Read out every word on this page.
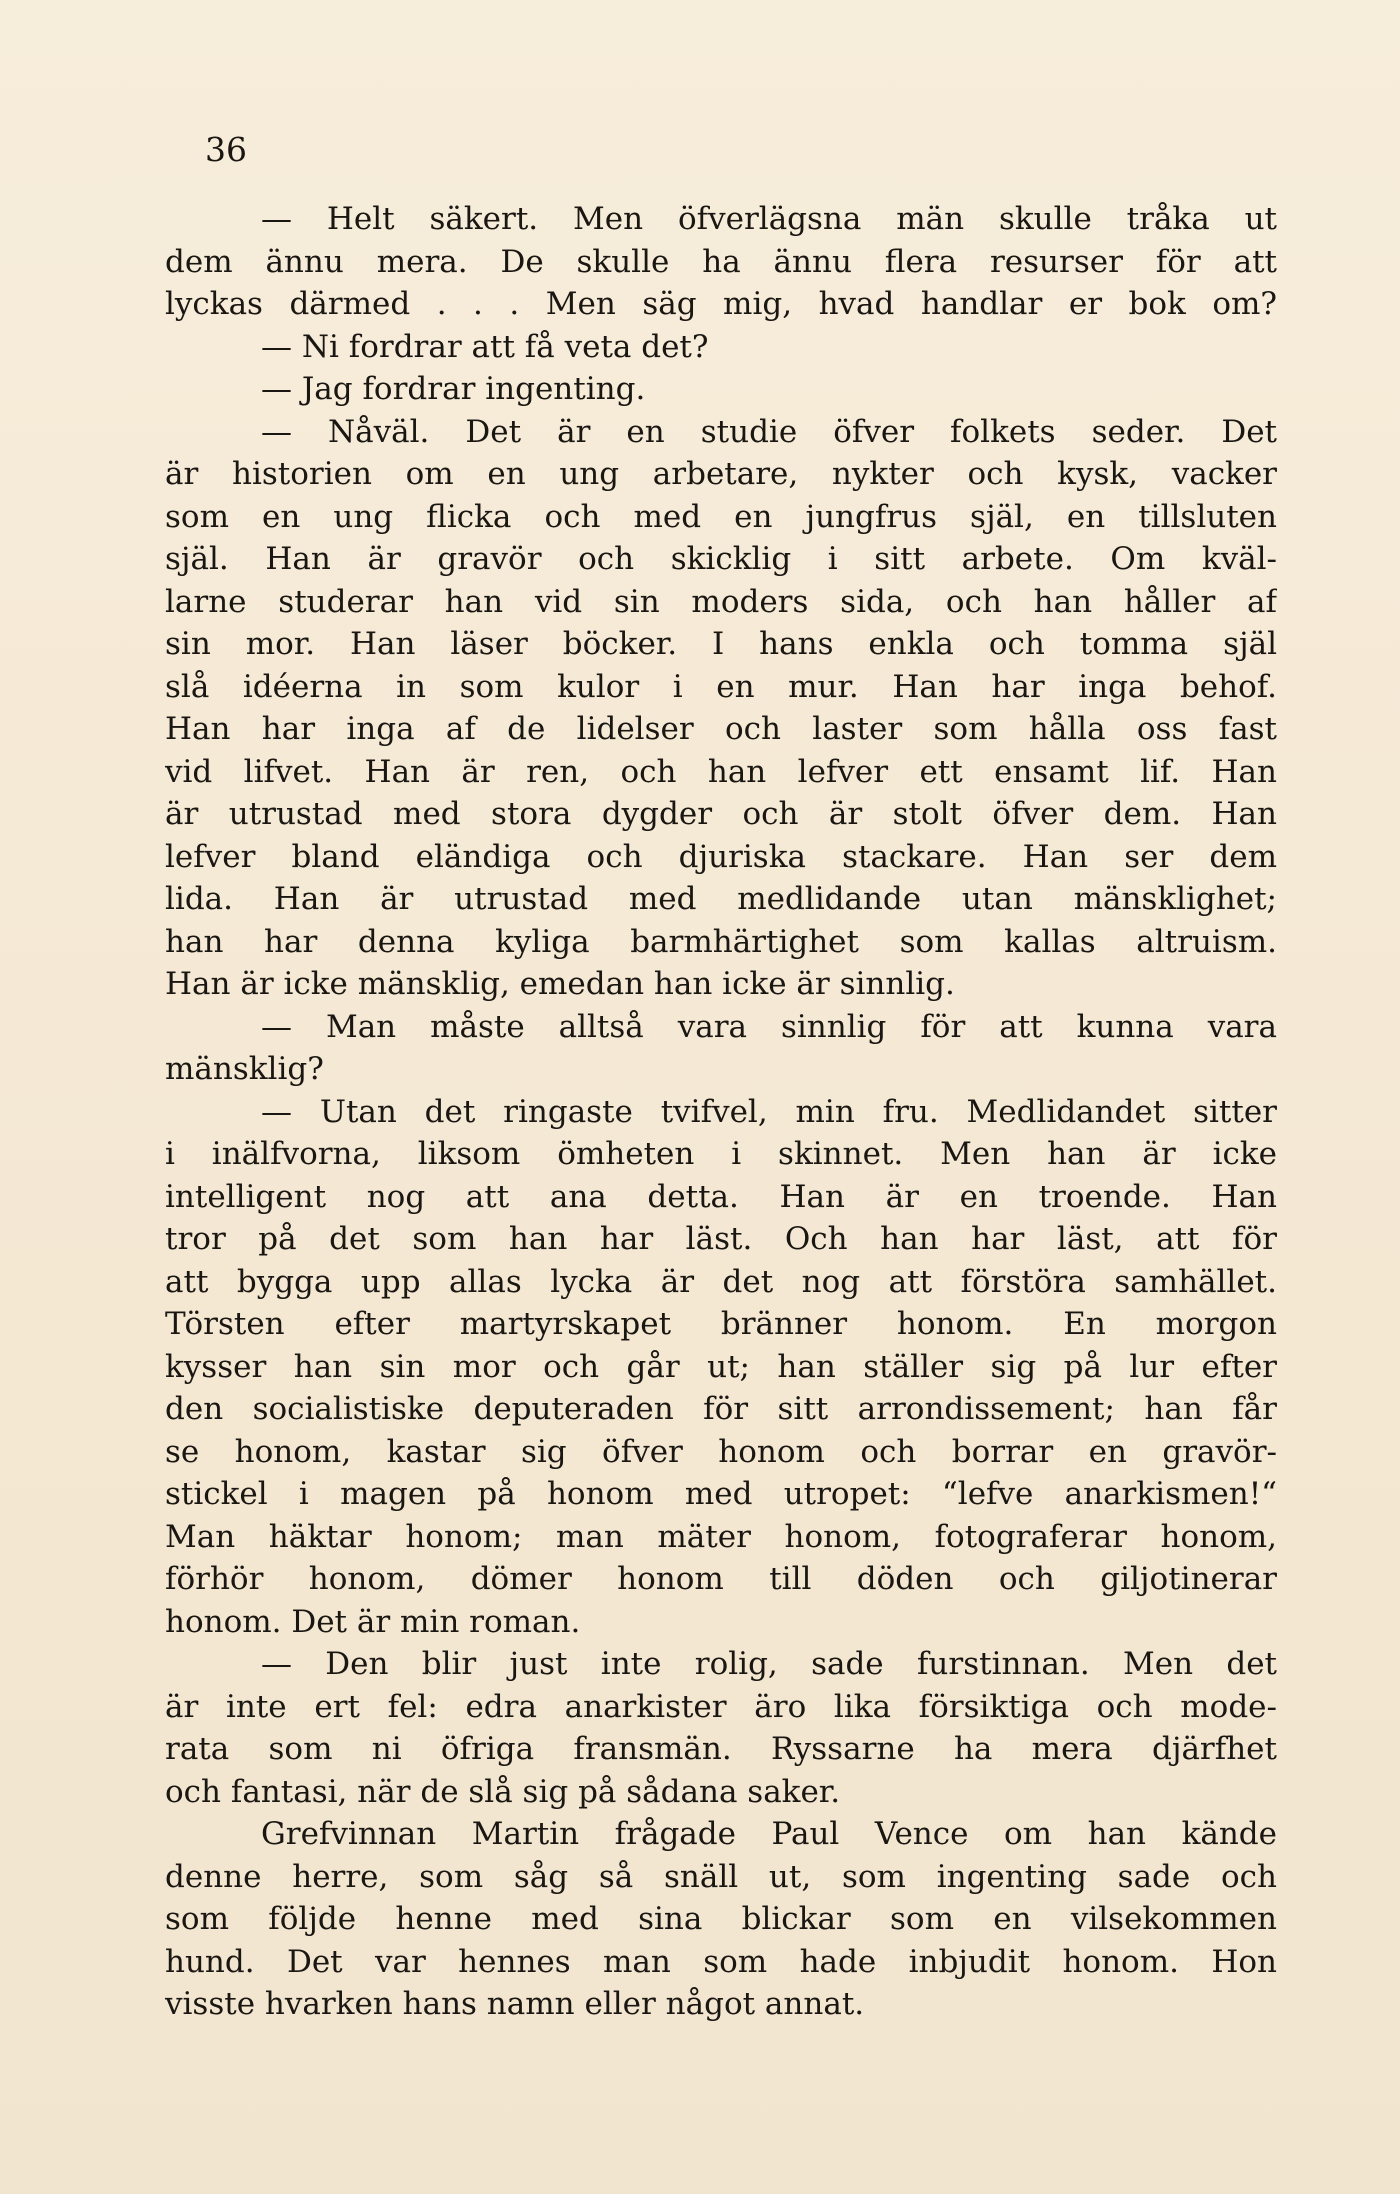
36
— Helt säkert. Men öfverlägsna män skulle tråka ut
dem ännu mera. De skulle ha ännu flera resurser för att
lyckas därmed . . . Men säg mig, hvad handlar er bok om?
— Ni fordrar att få veta det?
— Jag fordrar ingenting.
— Nåväl. Det är en studie öfver folkets seder. Det
är historien om en ung arbetare, nykter och kysk, vacker
som en ung flicka och med en jungfrus själ, en tillsluten
själ. Han är gravör och skicklig i sitt arbete. Om kväl-
larne studerar han vid sin moders sida, och han håller af
sin mor. Han läser böcker. I hans enkla och tomma själ
slå idéerna in som kulor i en mur. Han har inga behof.
Han har inga af de lidelser och laster som hålla oss fast
vid lifvet. Han är ren, och han lefver ett ensamt lif. Han
är utrustad med stora dygder och är stolt öfver dem. Han
lefver bland eländiga och djuriska stackare. Han ser dem
lida. Han är utrustad med medlidande utan mänsklighet;
han har denna kyliga barmhärtighet som kallas altruism.
Han är icke mänsklig, emedan han icke är sinnlig.
— Man måste alltså vara sinnlig för att kunna vara
mänsklig?
— Utan det ringaste tvifvel, min fru. Medlidandet sitter
i inälfvorna, liksom ömheten i skinnet. Men han är icke
intelligent nog att ana detta. Han är en troende. Han
tror på det som han har läst. Och han har läst, att för
att bygga upp allas lycka är det nog att förstöra samhället.
Törsten efter martyrskapet bränner honom. En morgon
kysser han sin mor och går ut; han ställer sig på lur efter
den socialistiske deputeraden för sitt arrondissement; han får
se honom, kastar sig öfver honom och borrar en gravör-
stickel i magen på honom med utropet: “lefve anarkismen!“
Man häktar honom; man mäter honom, fotograferar honom,
förhör honom, dömer honom till döden och giljotinerar
honom. Det är min roman.
— Den blir just inte rolig, sade furstinnan. Men det
är inte ert fel: edra anarkister äro lika försiktiga och mode-
rata som ni öfriga fransmän. Ryssarne ha mera djärfhet
och fantasi, när de slå sig på sådana saker.
Grefvinnan Martin frågade Paul Vence om han kände
denne herre, som såg så snäll ut, som ingenting sade och
som följde henne med sina blickar som en vilsekommen
hund. Det var hennes man som hade inbjudit honom. Hon
visste hvarken hans namn eller något annat.
